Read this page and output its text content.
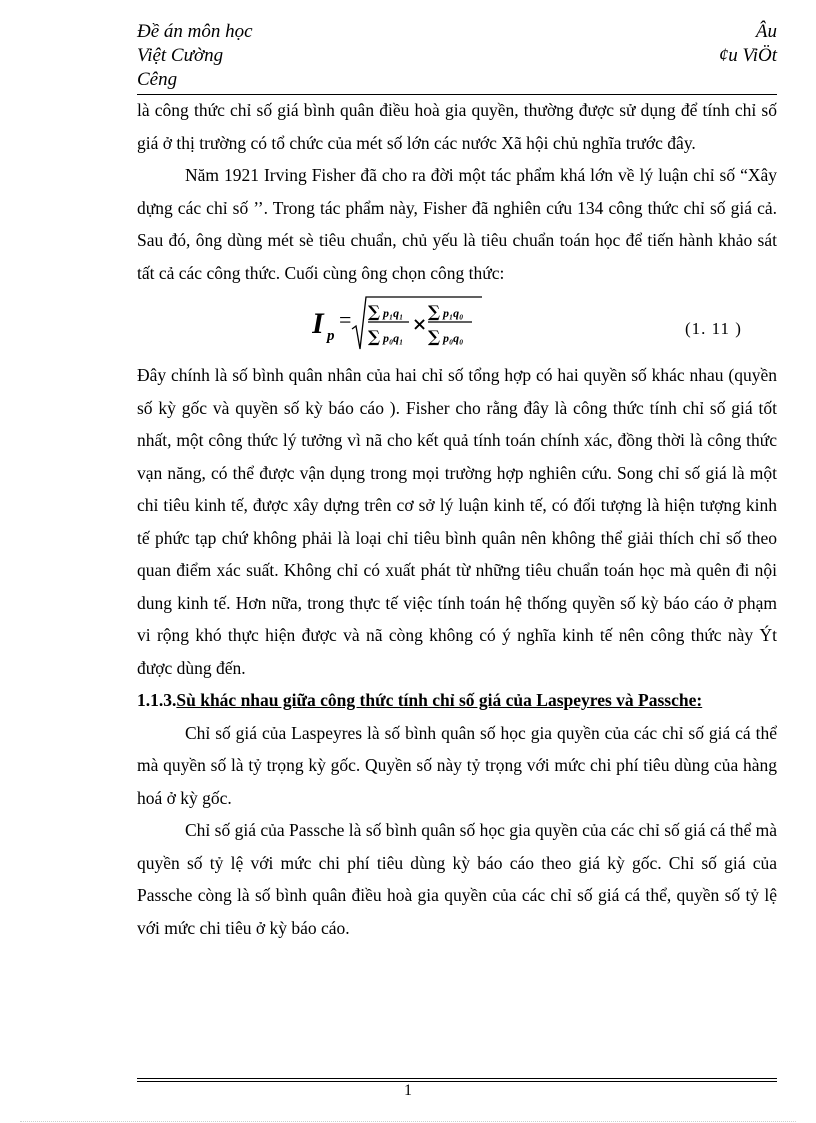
Đề án môn học
Việt Cường
Cêng
Âu
¢u ViÖt

là công thức chỉ số giá bình quân điều hoà gia quyền, thường được sử dụng để tính chỉ số giá ở thị trường có tổ chức của mét số lớn các nước Xã hội chủ nghĩa trước đây.

Năm 1921 Irving Fisher đã cho ra đời một tác phẩm khá lớn về lý luận chỉ số “Xây dựng các chỉ số ’’. Trong tác phẩm này, Fisher đã nghiên cứu 134 công thức chỉ số giá cả. Sau đó, ông dùng mét sè tiêu chuẩn, chủ yếu là tiêu chuẩn toán học để tiến hành khảo sát tất cả các công thức. Cuối cùng ông chọn công thức:

I p
= ∑ p₁q₁
∑ p₀q₁
×
∑ p₁q₀
∑ p₀q₀	(1. 11 )

Đây chính là số bình quân nhân của hai chỉ số tổng hợp có hai quyền số khác nhau (quyền số kỳ gốc và quyền số kỳ báo cáo ). Fisher cho rằng đây là công thức tính chỉ số giá tốt nhất, một công thức lý tưởng vì nã cho kết quả tính toán chính xác, đồng thời là công thức vạn năng, có thể được vận dụng trong mọi trường hợp nghiên cứu. Song chỉ số giá là một chỉ tiêu kinh tế, được xây dựng trên cơ sở lý luận kinh tế, có đối tượng là hiện tượng kinh tế phức tạp chứ không phải là loại chỉ tiêu bình quân nên không thể giải thích chỉ số theo quan điểm xác suất. Không chỉ có xuất phát từ những tiêu chuẩn toán học mà quên đi nội dung kinh tế. Hơn nữa, trong thực tế việc tính toán hệ thống quyền số kỳ báo cáo ở phạm vi rộng khó thực hiện được và nã còng không có ý nghĩa kinh tế nên công thức này Ýt được dùng đến.

1.1.3.Sù khác nhau giữa công thức tính chỉ số giá của Laspeyres và Passche:

Chỉ số giá của Laspeyres là số bình quân số học gia quyền của các chỉ số giá cá thể mà quyền số là tỷ trọng kỳ gốc. Quyền số này tỷ trọng với mức chi phí tiêu dùng của hàng hoá ở kỳ gốc.

Chỉ số giá của Passche là số bình quân số học gia quyền của các chỉ số giá cá thể mà quyền số tỷ lệ với mức chi phí tiêu dùng kỳ báo cáo theo giá kỳ gốc. Chỉ số giá của Passche còng là số bình quân điều hoà gia quyền của các chỉ số giá cá thể, quyền số tỷ lệ với mức chi tiêu ở kỳ báo cáo.

1
